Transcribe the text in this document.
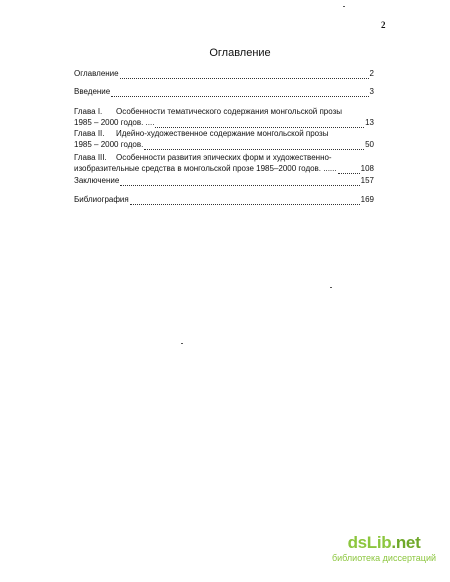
2
Оглавление
Оглавление	2
Введение	3
Глава I.	Особенности тематического содержания монгольской прозы
1985 – 2000 годов. ....	13
Глава II.	Идейно-художественное содержание монгольской прозы
1985 – 2000 годов.	50
Глава III.	Особенности развития эпических форм и художественно-
изобразительные средства в монгольской прозе 1985–2000 годов. ......	108
Заключение	157
Библиография	169
dsLib.net
библиотека диссертаций
